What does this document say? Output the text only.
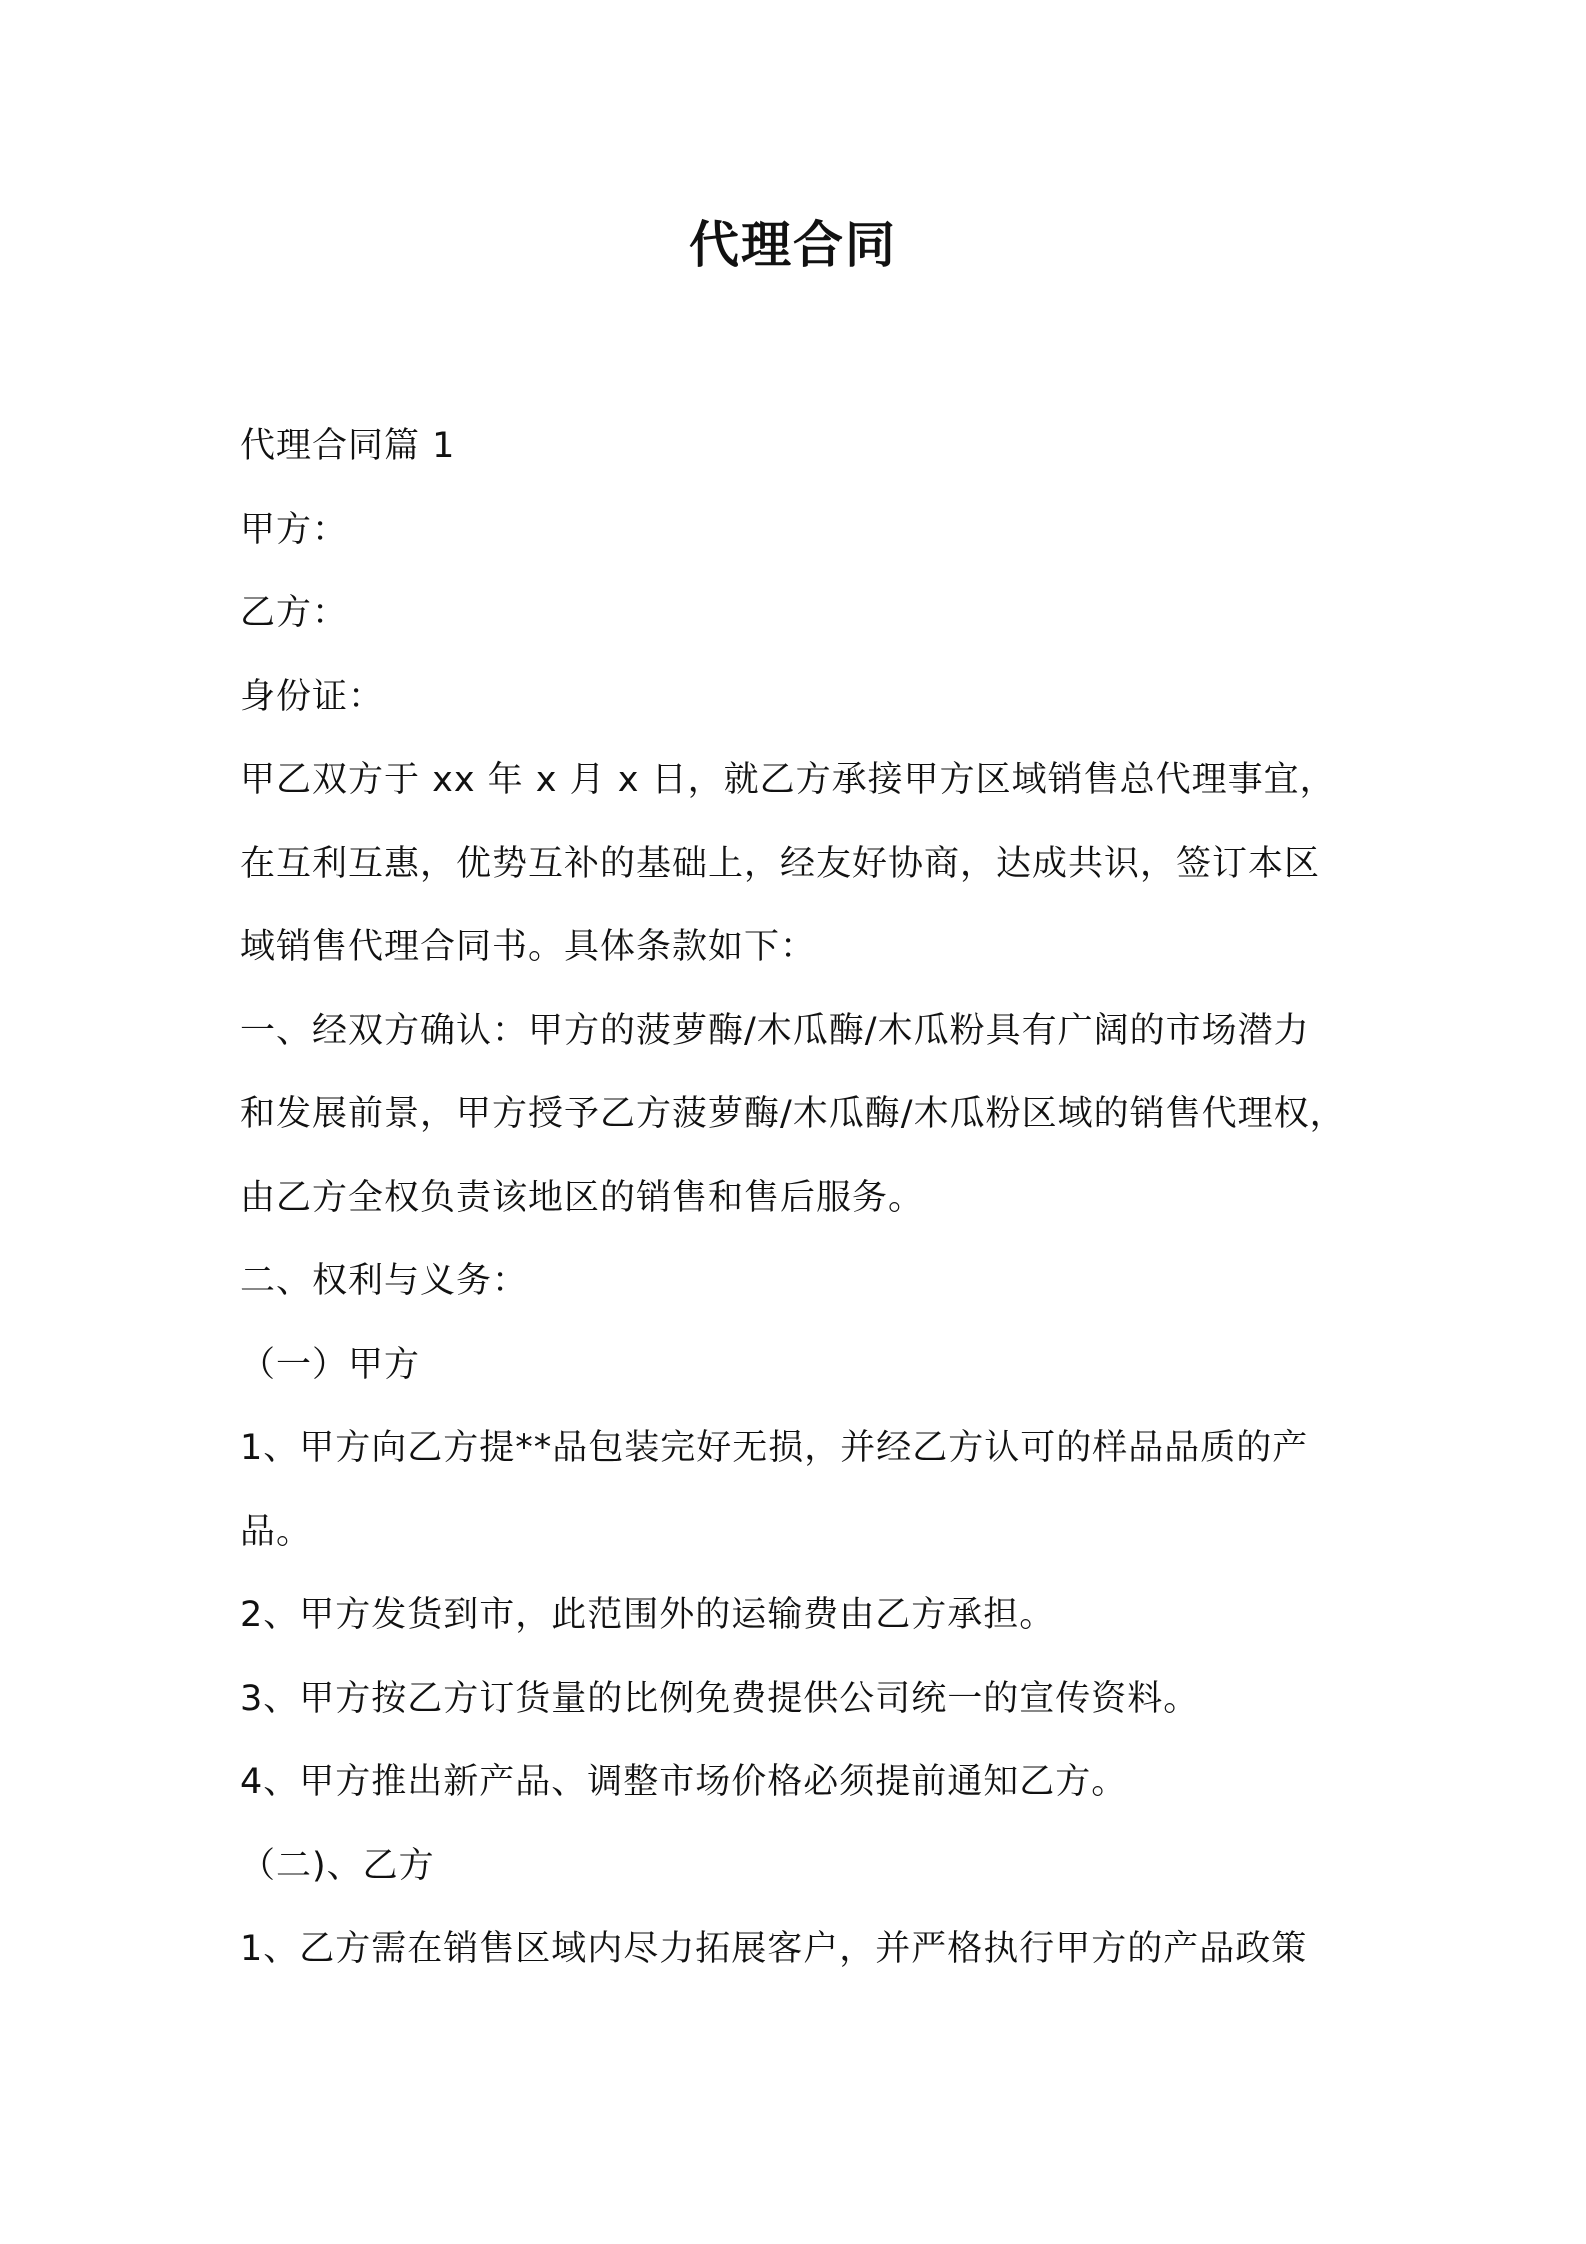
代理合同
代理合同篇 1
甲方：
乙方：
身份证：
甲乙双方于 xx 年 x 月 x 日，就乙方承接甲方区域销售总代理事宜，
在互利互惠，优势互补的基础上，经友好协商，达成共识，签订本区
域销售代理合同书。具体条款如下：
一、经双方确认：甲方的菠萝酶/木瓜酶/木瓜粉具有广阔的市场潜力
和发展前景，甲方授予乙方菠萝酶/木瓜酶/木瓜粉区域的销售代理权，
由乙方全权负责该地区的销售和售后服务。
二、权利与义务：
（一）甲方
1、甲方向乙方提**品包装完好无损，并经乙方认可的样品品质的产
品。
2、甲方发货到市，此范围外的运输费由乙方承担。
3、甲方按乙方订货量的比例免费提供公司统一的宣传资料。
4、甲方推出新产品、调整市场价格必须提前通知乙方。
（二)、乙方
1、乙方需在销售区域内尽力拓展客户，并严格执行甲方的产品政策
